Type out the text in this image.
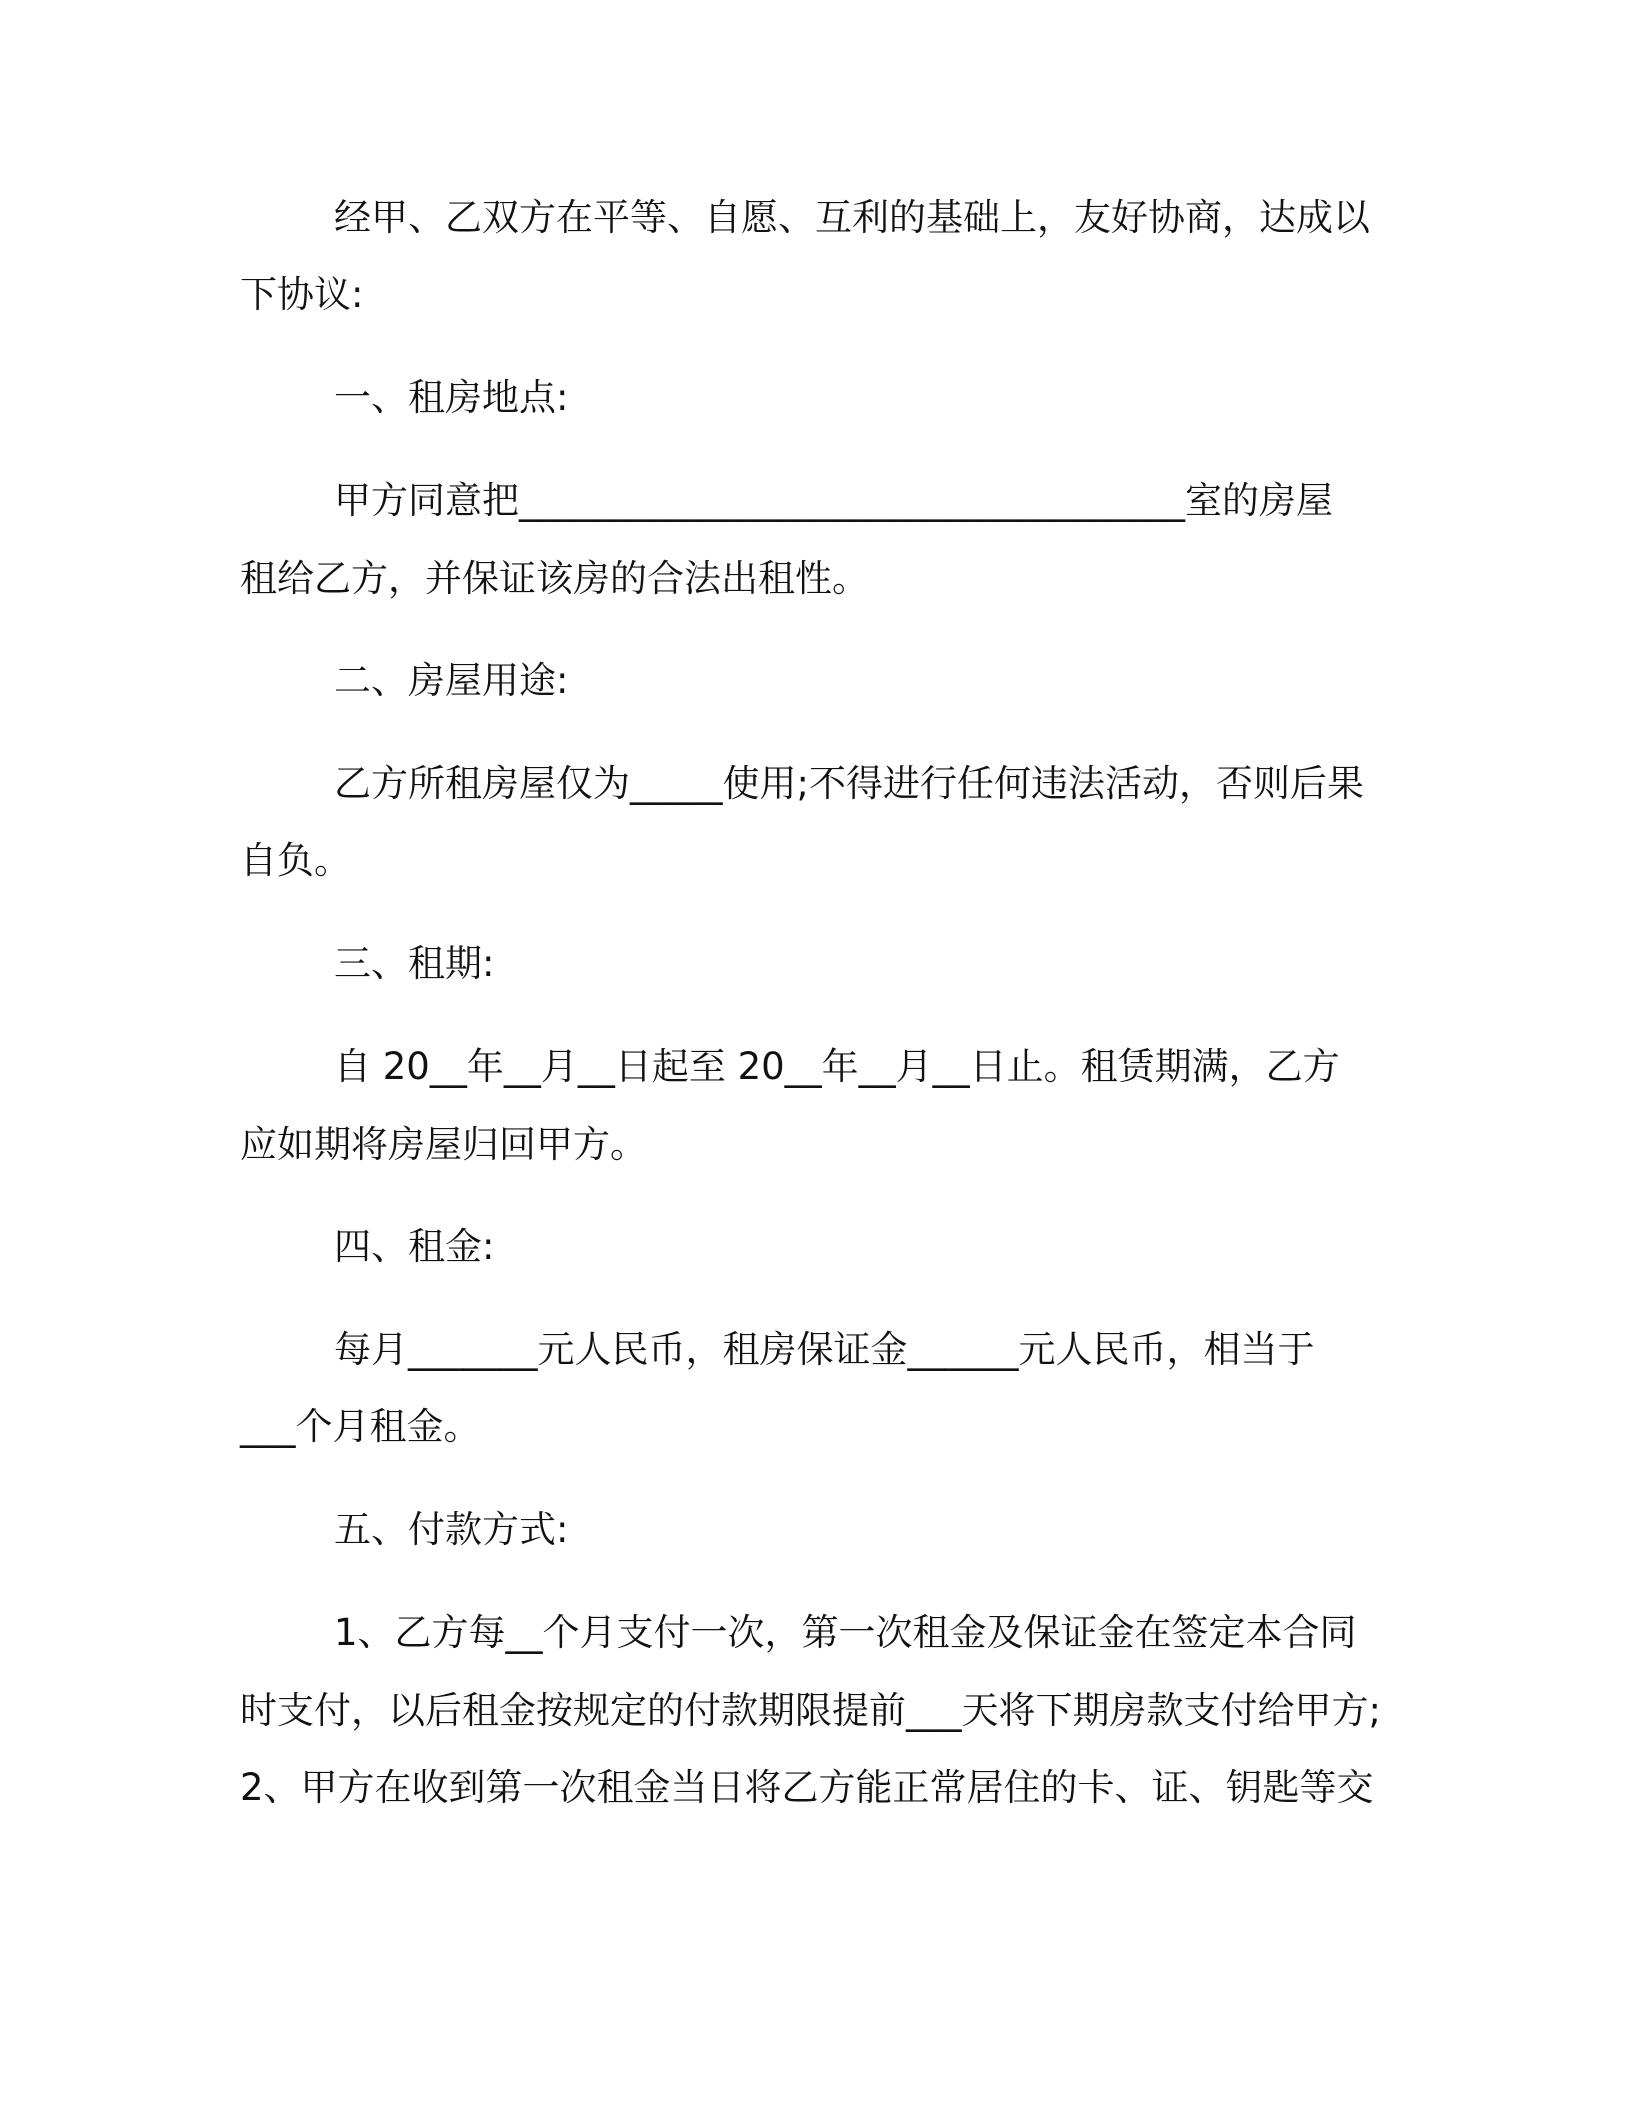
经甲、乙双方在平等、自愿、互利的基础上，友好协商，达成以
下协议:
一、租房地点:
甲方同意把____________________________________室的房屋
租给乙方，并保证该房的合法出租性。
二、房屋用途:
乙方所租房屋仅为_____使用;不得进行任何违法活动，否则后果
自负。
三、租期:
自 20__年__月__日起至 20__年__月__日止。租赁期满，乙方
应如期将房屋归回甲方。
四、租金:
每月_______元人民币，租房保证金______元人民币，相当于
___个月租金。
五、付款方式:
1、乙方每__个月支付一次，第一次租金及保证金在签定本合同
时支付，以后租金按规定的付款期限提前___天将下期房款支付给甲方;
2、甲方在收到第一次租金当日将乙方能正常居住的卡、证、钥匙等交
